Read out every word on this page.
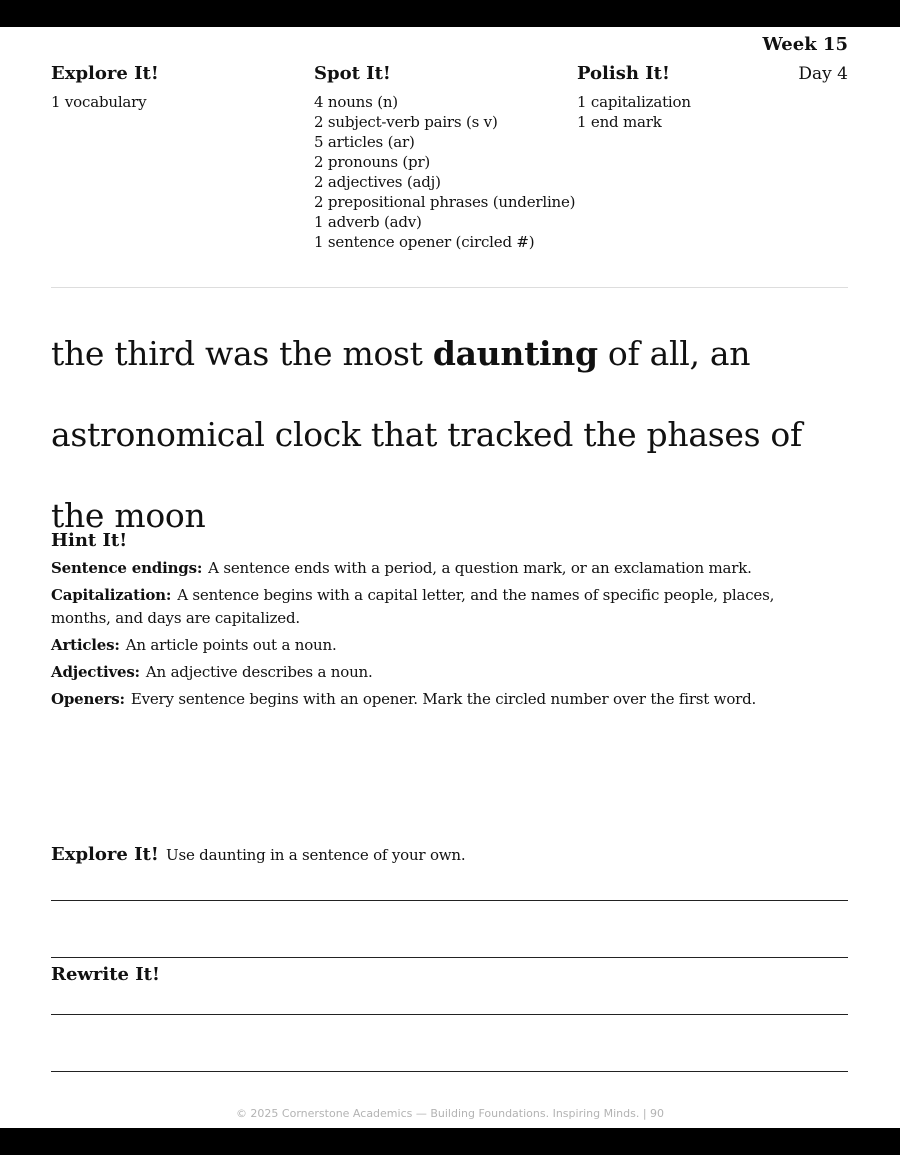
Week 15
Day 4
Explore It!
1 vocabulary
Spot It!
4 nouns (n)
2 subject-verb pairs (s v)
5 articles (ar)
2 pronouns (pr)
2 adjectives (adj)
2 prepositional phrases (underline)
1 adverb (adv)
1 sentence opener (circled #)
Polish It!
1 capitalization
1 end mark
the third was the most daunting of all, an astronomical clock that tracked the phases of the moon
Hint It!
Sentence endings: A sentence ends with a period, a question mark, or an exclamation mark.
Capitalization: A sentence begins with a capital letter, and the names of specific people, places, months, and days are capitalized.
Articles: An article points out a noun.
Adjectives: An adjective describes a noun.
Openers: Every sentence begins with an opener. Mark the circled number over the first word.
Explore It! Use daunting in a sentence of your own.
Rewrite It!
© 2025 Cornerstone Academics — Building Foundations. Inspiring Minds. | 90
